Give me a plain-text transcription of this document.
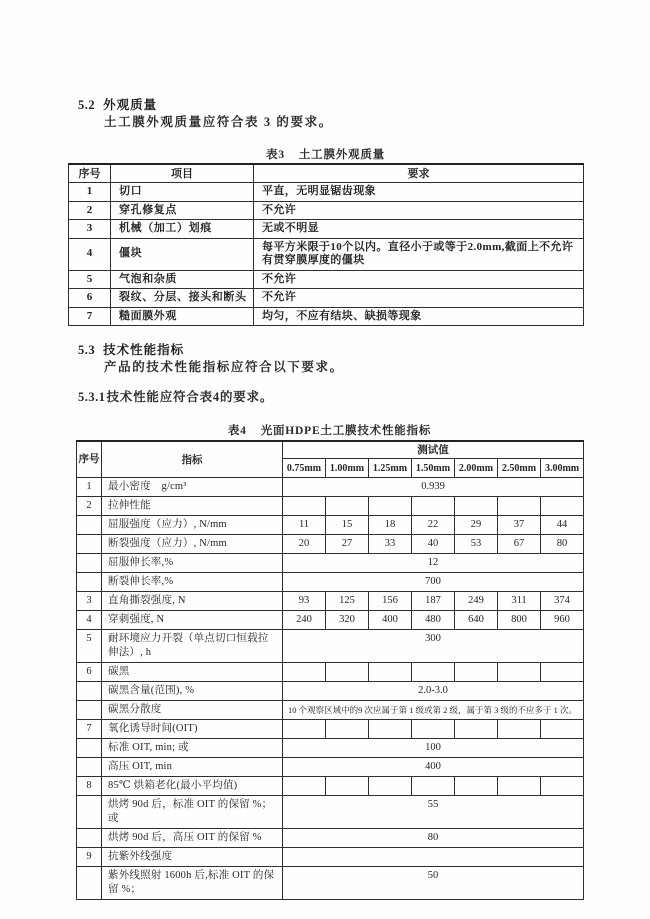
5.2 外观质量

土工膜外观质量应符合表 3 的要求。

表3 土工膜外观质量
序号	项目	要求
1	切口	平直，无明显锯齿现象
2	穿孔修复点	不允许
3	机械（加工）划痕	无或不明显
4	僵块	每平方米限于10个以内。直径小于或等于2.0mm,截面上不允许有贯穿膜厚度的僵块
5	气泡和杂质	不允许
6	裂纹、分层、接头和断头	不允许
7	糙面膜外观	均匀，不应有结块、缺损等现象
5.3 技术性能指标

产品的技术性能指标应符合以下要求。

5.3.1技术性能应符合表4的要求。

表4 光面HDPE土工膜技术性能指标
序号	指标	测试值						
		0.75mm	1.00mm	1.25mm	1.50mm	2.00mm	2.50mm	3.00mm
1	最小密度　g/cm³	0.939						
2	拉伸性能							
	屈服强度（应力）, N/mm	11	15	18	22	29	37	44
	断裂强度（应力）, N/mm	20	27	33	40	53	67	80
	屈服伸长率,%	12						
	断裂伸长率,%	700						
3	直角撕裂强度, N	93	125	156	187	249	311	374
4	穿刺强度, N	240	320	400	480	640	800	960
5	耐环境应力开裂（单点切口恒载拉伸法）, h	300						
6	碳黑							
	碳黑含量(范围), %	2.0-3.0						
	碳黑分散度	10 个观察区域中的9 次应属于第 1 级或第 2 级，属于第 3 级的不应多于 1 次。						
7	氧化诱导时间(OIT)							
	标准 OIT, min; 或	100						
	高压 OIT, min	400						
8	85℃ 烘箱老化(最小平均值)							
	烘烤 90d 后，标准 OIT 的保留 %；或	55						
	烘烤 90d 后，高压 OIT 的保留 %	80						
9	抗紫外线强度							
	紫外线照射 1600h 后,标准 OIT 的保留 %；	50						
